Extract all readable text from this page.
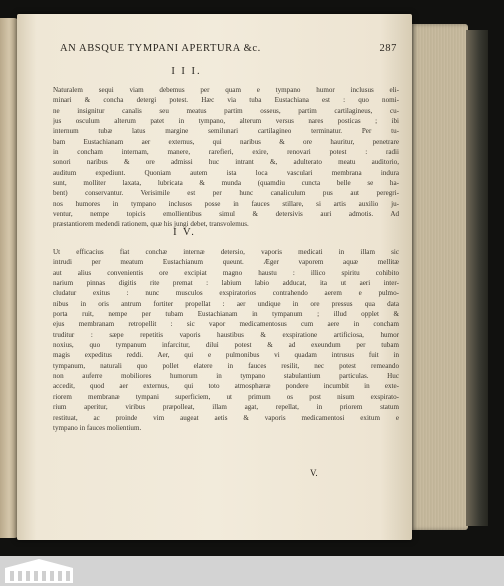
AN ABSQUE TYMPANI APERTURA &c.	287
I I I.
Naturalem sequi viam debemus per quam e tympano humor inclusus eli-
minari & concha detergi potest. Hæc via tuba Eustachiana est : quo nomi-
ne insignitur canalis seu meatus partim osseus, partim cartilagineus, cu-
jus osculum alterum patet in tympano, alterum versus nares posticas ; ibi
internum tubæ latus margine semilunari cartilagineo terminatur. Per tu-
bam Eustachianam aer externus, qui naribus & ore hauritur, penetrare
in concham internam, manere, rarefieri, exire, renovari potest : radii
sonori naribus & ore admissi huc intrant &, adulterato meatu auditorio,
auditum expediunt. Quoniam autem ista loca vasculari membrana indura
sunt, molliter laxata, lubricata & munda (quamdiu cuncta belle se ha-
bent) conservantur. Verisimile est per hunc canaliculum pus aut peregri-
nos humores in tympano inclusos posse in fauces stillare, si artis auxilio ju-
ventur, nempe topicis emollientibus simul & detersivis auri admotis. Ad
præstantiorem medendi rationem, quæ his jungi debet, transvolemus.
I V.
Ut efficacius fiat conchæ internæ detersio, vaporis medicati in illam sic
intrudi per meatum Eustachianum queunt. Æger vaporem aquæ mellitæ
aut alius convenientis ore excipiat magno haustu : illico spiritu cohibito
narium pinnas digitis rite premat : labium labio adducat, ita ut aeri inter-
cludatur exitus : nunc musculos exspiratorios contrahendo aerem e pulmo-
nibus in oris antrum fortiter propellat : aer undique in ore pressus qua data
porta ruit, nempe per tubam Eustachianam in tympanum ; illud opplet &
ejus membranam retropellit : sic vapor medicamentosus cum aere in concham
truditur : sæpe repetitis vaporis haustibus & exspiratione artificiosa, humor
noxius, quo tympanum infarcitur, diluì potest & ad exeundum per tubam
magis expeditus reddi. Aer, qui e pulmonibus vi quadam intrusus fuit in
tympanum, naturali quo pollet elatere in fauces resilit, nec potest remeando
non auferre mobiliores humorum in tympano stabulantium particulas. Huc
accedit, quod aer externus, qui toto atmosphæræ pondere incumbit in exte-
riorem membranæ tympani superficiem, ut primum os post nisum exspirato-
rium aperitur, viribus præpolleat, illam agat, repellat, in priorem statum
restituat, ac proinde vim augeat aetis & vaporis medicamentosi exitum e
tympano in fauces molientium.
V.
